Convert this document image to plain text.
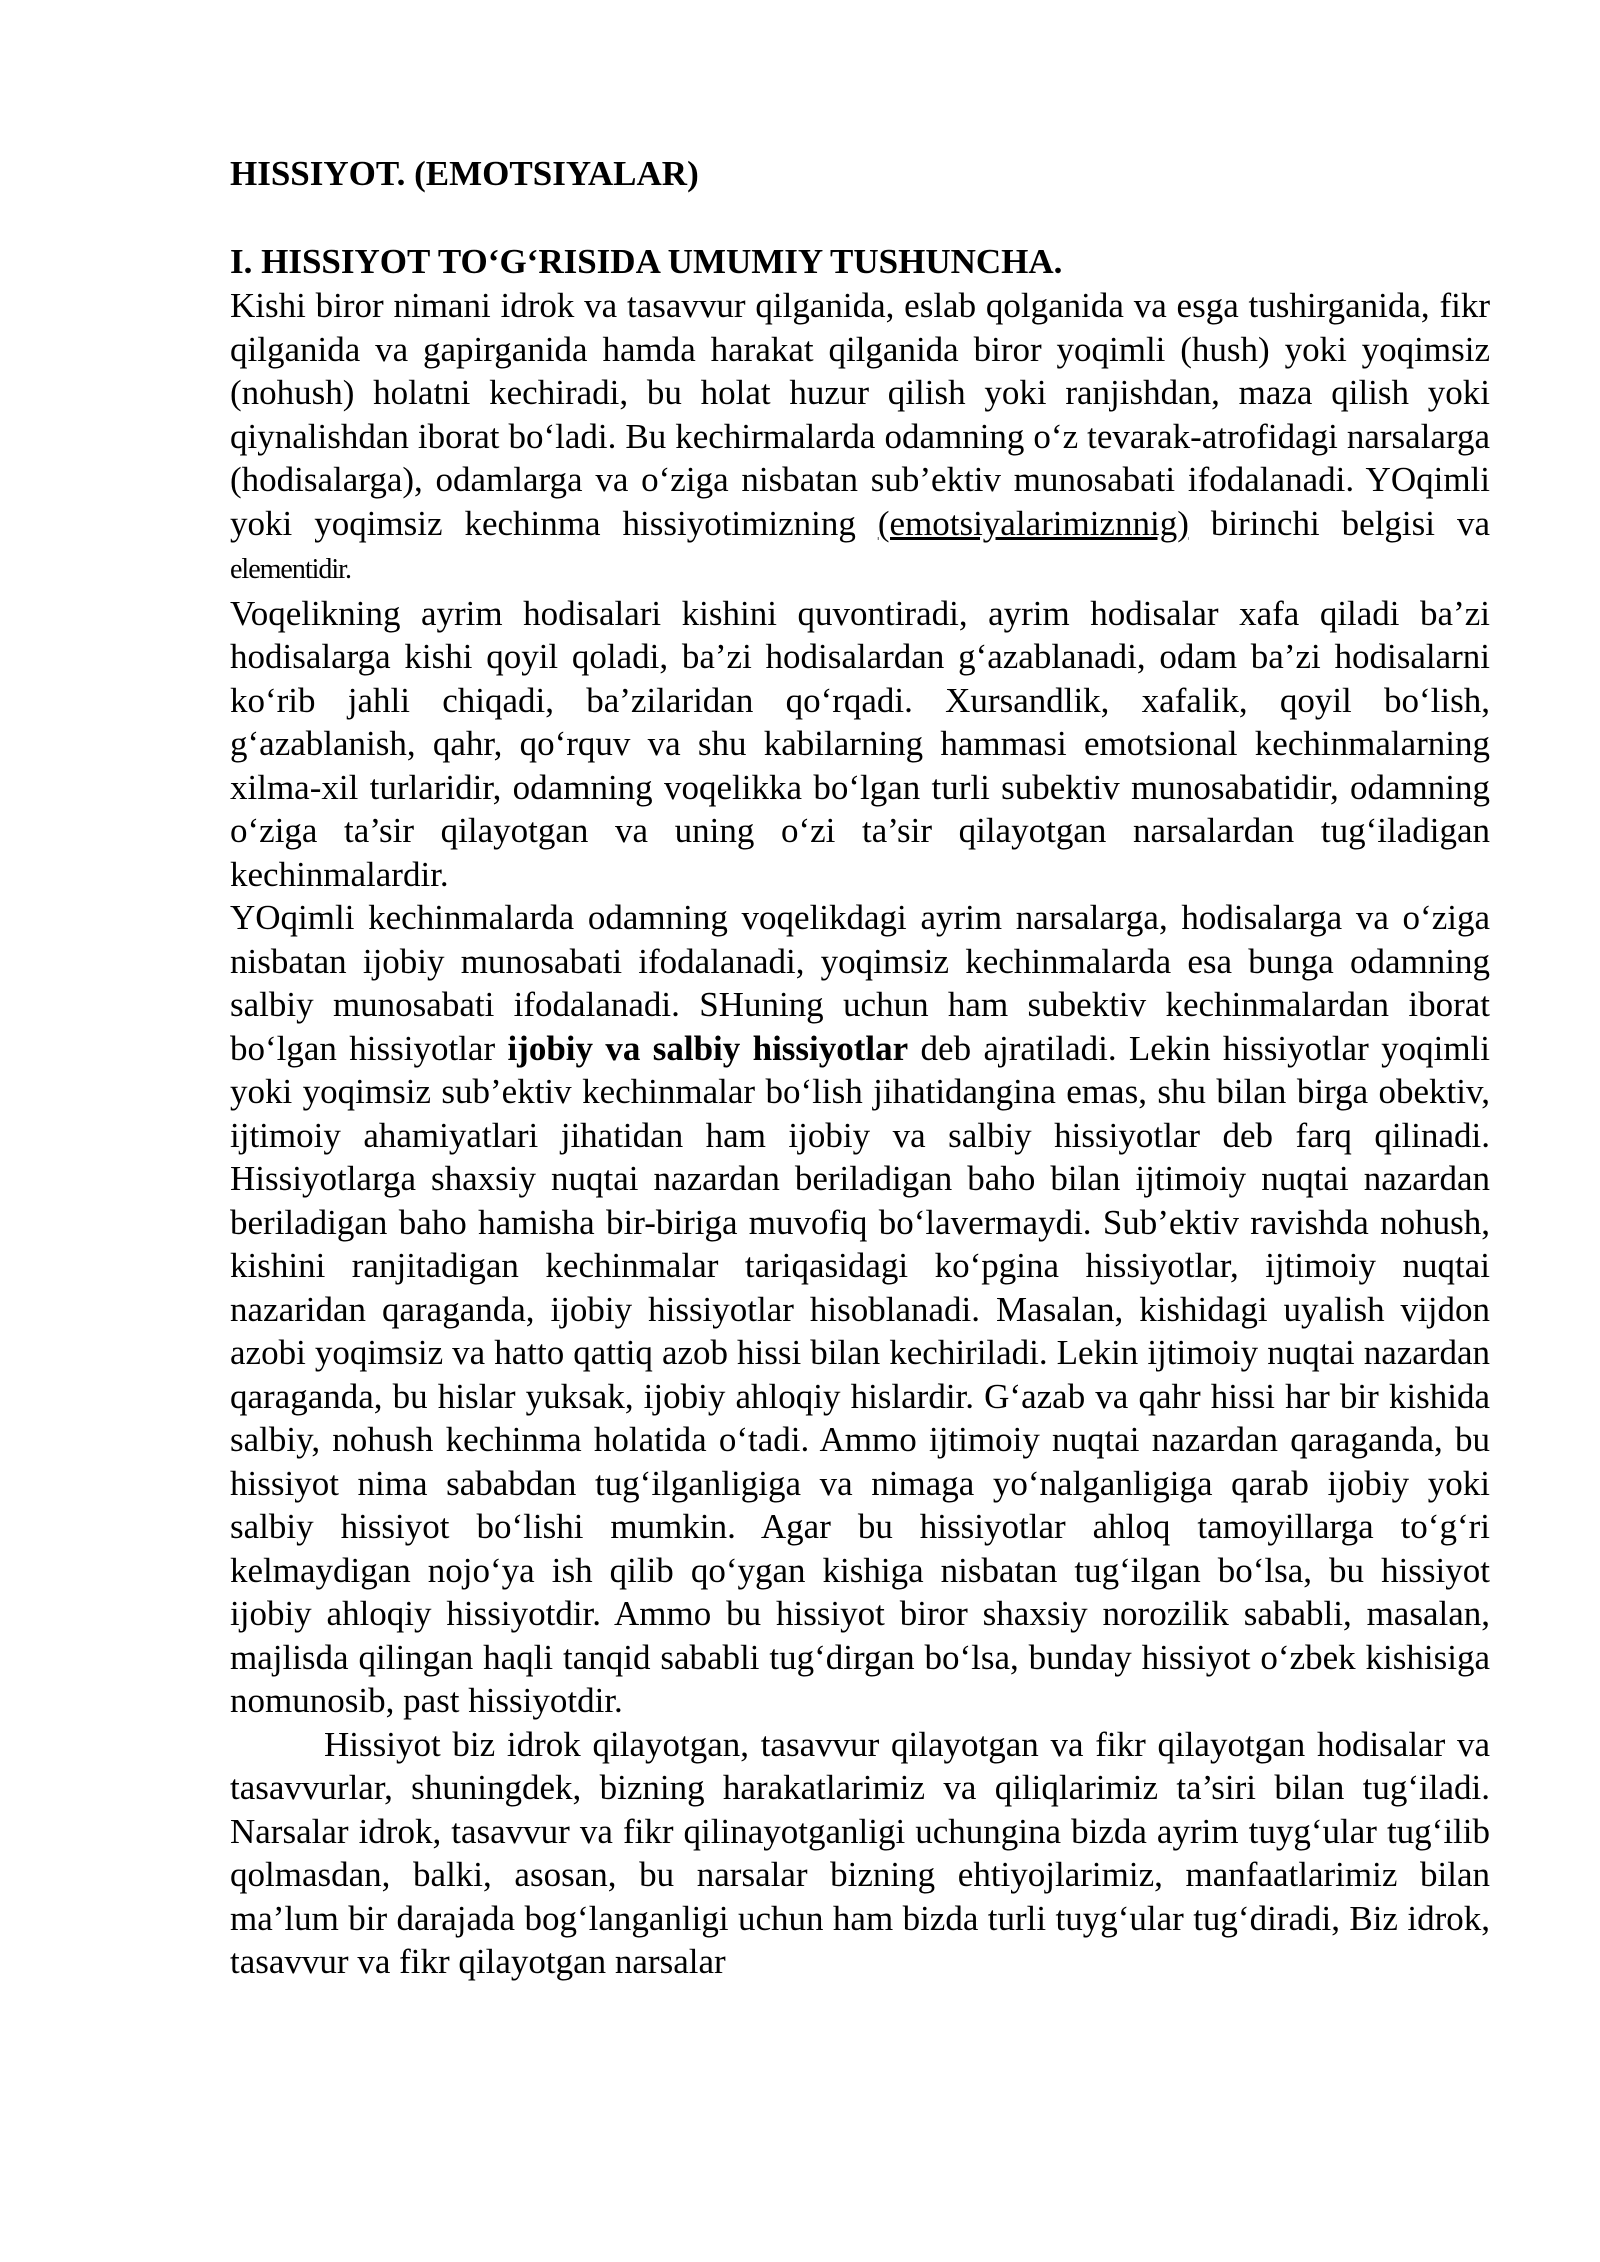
HISSIYOT. (EMOTSIYALAR)
I. HISSIYOT TO‘G‘RISIDA UMUMIY TUSHUNCHA.

Kishi biror nimani idrok va tasavvur qilganida, eslab qolganida va esga tushirganida, fikr qilganida va gapirganida hamda harakat qilganida biror yoqimli (hush) yoki yoqimsiz (nohush) holatni kechiradi, bu holat huzur qilish yoki ranjishdan, maza qilish yoki qiynalishdan iborat bo‘ladi. Bu kechirmalarda odamning o‘z tevarak-atrofidagi narsalarga (hodisalarga), odamlarga va o‘ziga nisbatan sub’ektiv munosabati ifodalanadi. YOqimli yoki yoqimsiz kechinma hissiyotimizning (emotsiyalarimiznnig) birinchi belgisi va elementidir.

Voqelikning ayrim hodisalari kishini quvontiradi, ayrim hodisalar xafa qiladi ba’zi hodisalarga kishi qoyil qoladi, ba’zi hodisalardan g‘azablanadi, odam ba’zi hodisalarni ko‘rib jahli chiqadi, ba’zilaridan qo‘rqadi. Xursandlik, xafalik, qoyil bo‘lish, g‘azablanish, qahr, qo‘rquv va shu kabilarning hammasi emotsional kechinmalarning xilma-xil turlaridir, odamning voqelikka bo‘lgan turli subektiv munosabatidir, odamning o‘ziga ta’sir qilayotgan va uning o‘zi ta’sir qilayotgan narsalardan tug‘iladigan kechinmalardir.

YOqimli kechinmalarda odamning voqelikdagi ayrim narsalarga, hodisalarga va o‘ziga nisbatan ijobiy munosabati ifodalanadi, yoqimsiz kechinmalarda esa bunga odamning salbiy munosabati ifodalanadi. SHuning uchun ham subektiv kechinmalardan iborat bo‘lgan hissiyotlar ijobiy va salbiy hissiyotlar deb ajratiladi. Lekin hissiyotlar yoqimli yoki yoqimsiz sub’ektiv kechinmalar bo‘lish jihatidangina emas, shu bilan birga obektiv, ijtimoiy ahamiyatlari jihatidan ham ijobiy va salbiy hissiyotlar deb farq qilinadi. Hissiyotlarga shaxsiy nuqtai nazardan beriladigan baho bilan ijtimoiy nuqtai nazardan beriladigan baho hamisha bir-biriga muvofiq bo‘lavermaydi. Sub’ektiv ravishda nohush, kishini ranjitadigan kechinmalar tariqasidagi ko‘pgina hissiyotlar, ijtimoiy nuqtai nazaridan qaraganda, ijobiy hissiyotlar hisoblanadi. Masalan, kishidagi uyalish vijdon azobi yoqimsiz va hatto qattiq azob hissi bilan kechiriladi. Lekin ijtimoiy nuqtai nazardan qaraganda, bu hislar yuksak, ijobiy ahloqiy hislardir. G‘azab va qahr hissi har bir kishida salbiy, nohush kechinma holatida o‘tadi. Ammo ijtimoiy nuqtai nazardan qaraganda, bu hissiyot nima sababdan tug‘ilganligiga va nimaga yo‘nalganligiga qarab ijobiy yoki salbiy hissiyot bo‘lishi mumkin. Agar bu hissiyotlar ahloq tamoyillarga to‘g‘ri kelmaydigan nojo‘ya ish qilib qo‘ygan kishiga nisbatan tug‘ilgan bo‘lsa, bu hissiyot ijobiy ahloqiy hissiyotdir. Ammo bu hissiyot biror shaxsiy norozilik sababli, masalan, majlisda qilingan haqli tanqid sababli tug‘dirgan bo‘lsa, bunday hissiyot o‘zbek kishisiga nomunosib, past hissiyotdir.

Hissiyot biz idrok qilayotgan, tasavvur qilayotgan va fikr qilayotgan hodisalar va tasavvurlar, shuningdek, bizning harakatlarimiz va qiliqlarimiz ta’siri bilan tug‘iladi. Narsalar idrok, tasavvur va fikr qilinayotganligi uchungina bizda ayrim tuyg‘ular tug‘ilib qolmasdan, balki, asosan, bu narsalar bizning ehtiyojlarimiz, manfaatlarimiz bilan ma’lum bir darajada bog‘langanligi uchun ham bizda turli tuyg‘ular tug‘diradi, Biz idrok, tasavvur va fikr qilayotgan narsalar
